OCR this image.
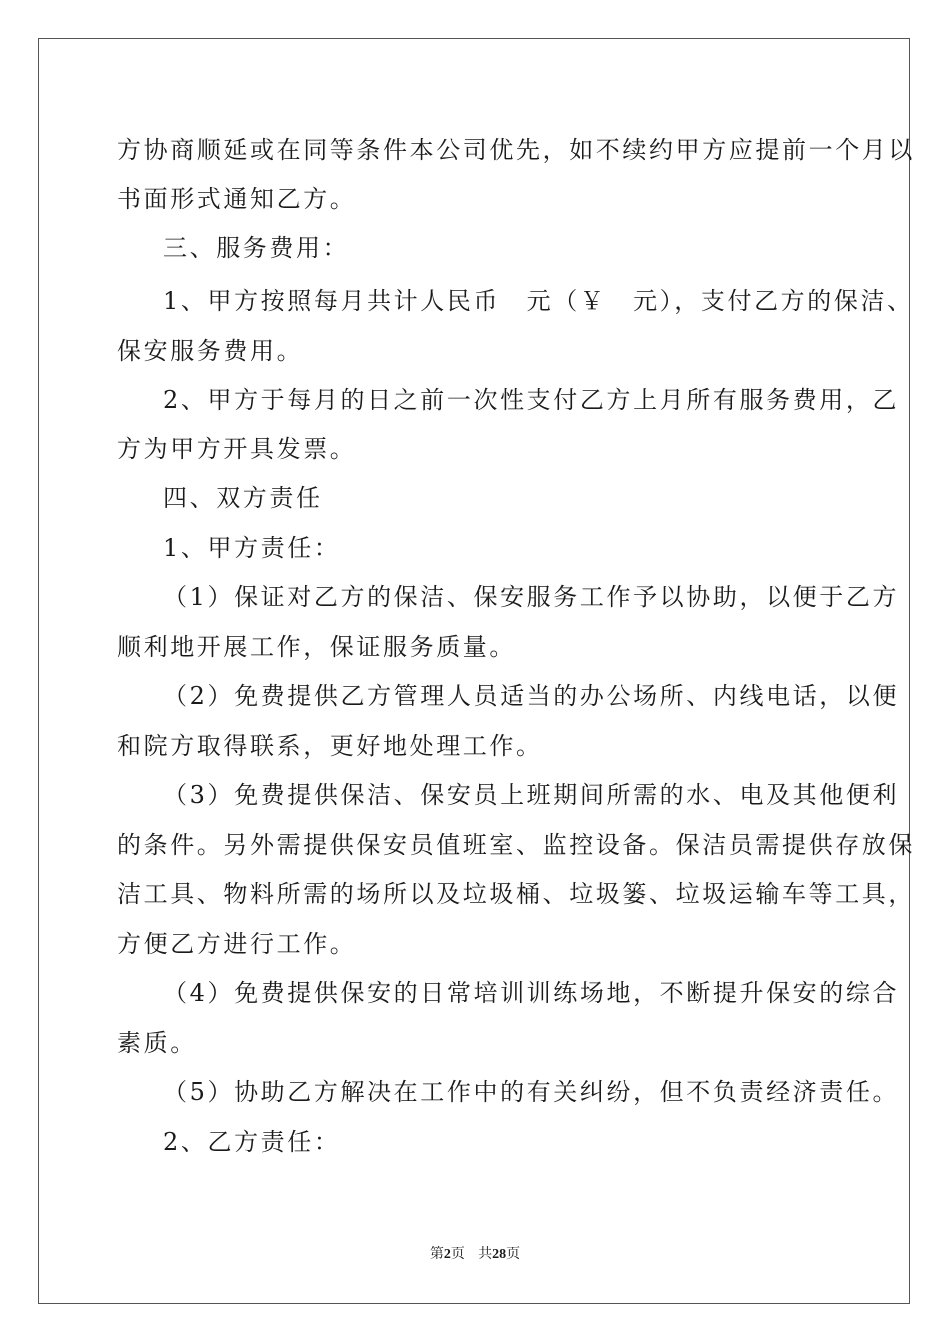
方协商顺延或在同等条件本公司优先，如不续约甲方应提前一个月以
书面形式通知乙方。
三、服务费用：
1、甲方按照每月共计人民币　元（￥　元），支付乙方的保洁、
保安服务费用。
2、甲方于每月的日之前一次性支付乙方上月所有服务费用，乙
方为甲方开具发票。
四、双方责任
1、甲方责任：
（1）保证对乙方的保洁、保安服务工作予以协助，以便于乙方
顺利地开展工作，保证服务质量。
（2）免费提供乙方管理人员适当的办公场所、内线电话，以便
和院方取得联系，更好地处理工作。
（3）免费提供保洁、保安员上班期间所需的水、电及其他便利
的条件。另外需提供保安员值班室、监控设备。保洁员需提供存放保
洁工具、物料所需的场所以及垃圾桶、垃圾篓、垃圾运输车等工具，
方便乙方进行工作。
（4）免费提供保安的日常培训训练场地，不断提升保安的综合
素质。
（5）协助乙方解决在工作中的有关纠纷，但不负责经济责任。
2、乙方责任：
第2页 共28页
